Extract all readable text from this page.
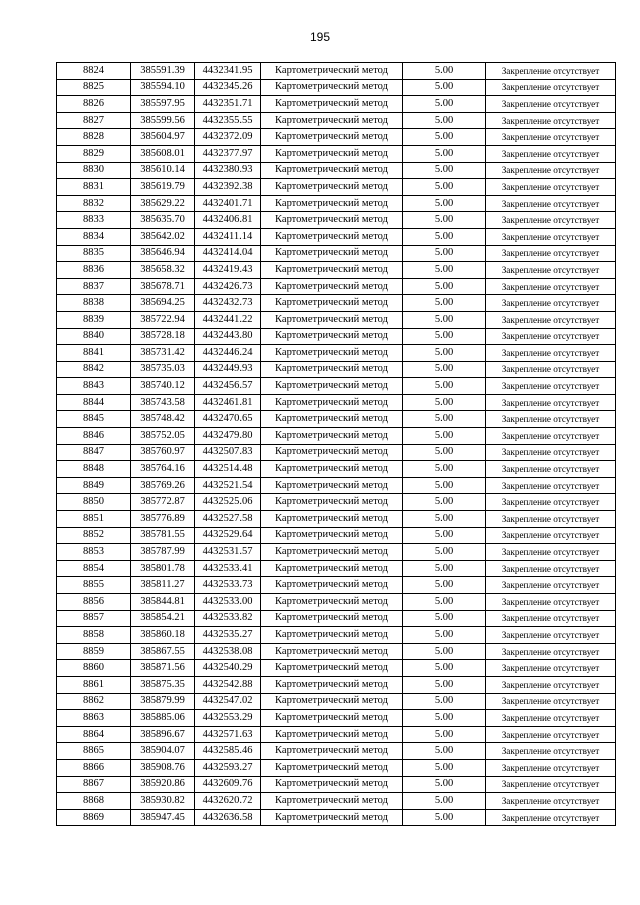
195
8824	385591.39	4432341.95	Картометрический метод	5.00	Закрепление отсутствует
8825	385594.10	4432345.26	Картометрический метод	5.00	Закрепление отсутствует
8826	385597.95	4432351.71	Картометрический метод	5.00	Закрепление отсутствует
8827	385599.56	4432355.55	Картометрический метод	5.00	Закрепление отсутствует
8828	385604.97	4432372.09	Картометрический метод	5.00	Закрепление отсутствует
8829	385608.01	4432377.97	Картометрический метод	5.00	Закрепление отсутствует
8830	385610.14	4432380.93	Картометрический метод	5.00	Закрепление отсутствует
8831	385619.79	4432392.38	Картометрический метод	5.00	Закрепление отсутствует
8832	385629.22	4432401.71	Картометрический метод	5.00	Закрепление отсутствует
8833	385635.70	4432406.81	Картометрический метод	5.00	Закрепление отсутствует
8834	385642.02	4432411.14	Картометрический метод	5.00	Закрепление отсутствует
8835	385646.94	4432414.04	Картометрический метод	5.00	Закрепление отсутствует
8836	385658.32	4432419.43	Картометрический метод	5.00	Закрепление отсутствует
8837	385678.71	4432426.73	Картометрический метод	5.00	Закрепление отсутствует
8838	385694.25	4432432.73	Картометрический метод	5.00	Закрепление отсутствует
8839	385722.94	4432441.22	Картометрический метод	5.00	Закрепление отсутствует
8840	385728.18	4432443.80	Картометрический метод	5.00	Закрепление отсутствует
8841	385731.42	4432446.24	Картометрический метод	5.00	Закрепление отсутствует
8842	385735.03	4432449.93	Картометрический метод	5.00	Закрепление отсутствует
8843	385740.12	4432456.57	Картометрический метод	5.00	Закрепление отсутствует
8844	385743.58	4432461.81	Картометрический метод	5.00	Закрепление отсутствует
8845	385748.42	4432470.65	Картометрический метод	5.00	Закрепление отсутствует
8846	385752.05	4432479.80	Картометрический метод	5.00	Закрепление отсутствует
8847	385760.97	4432507.83	Картометрический метод	5.00	Закрепление отсутствует
8848	385764.16	4432514.48	Картометрический метод	5.00	Закрепление отсутствует
8849	385769.26	4432521.54	Картометрический метод	5.00	Закрепление отсутствует
8850	385772.87	4432525.06	Картометрический метод	5.00	Закрепление отсутствует
8851	385776.89	4432527.58	Картометрический метод	5.00	Закрепление отсутствует
8852	385781.55	4432529.64	Картометрический метод	5.00	Закрепление отсутствует
8853	385787.99	4432531.57	Картометрический метод	5.00	Закрепление отсутствует
8854	385801.78	4432533.41	Картометрический метод	5.00	Закрепление отсутствует
8855	385811.27	4432533.73	Картометрический метод	5.00	Закрепление отсутствует
8856	385844.81	4432533.00	Картометрический метод	5.00	Закрепление отсутствует
8857	385854.21	4432533.82	Картометрический метод	5.00	Закрепление отсутствует
8858	385860.18	4432535.27	Картометрический метод	5.00	Закрепление отсутствует
8859	385867.55	4432538.08	Картометрический метод	5.00	Закрепление отсутствует
8860	385871.56	4432540.29	Картометрический метод	5.00	Закрепление отсутствует
8861	385875.35	4432542.88	Картометрический метод	5.00	Закрепление отсутствует
8862	385879.99	4432547.02	Картометрический метод	5.00	Закрепление отсутствует
8863	385885.06	4432553.29	Картометрический метод	5.00	Закрепление отсутствует
8864	385896.67	4432571.63	Картометрический метод	5.00	Закрепление отсутствует
8865	385904.07	4432585.46	Картометрический метод	5.00	Закрепление отсутствует
8866	385908.76	4432593.27	Картометрический метод	5.00	Закрепление отсутствует
8867	385920.86	4432609.76	Картометрический метод	5.00	Закрепление отсутствует
8868	385930.82	4432620.72	Картометрический метод	5.00	Закрепление отсутствует
8869	385947.45	4432636.58	Картометрический метод	5.00	Закрепление отсутствует
